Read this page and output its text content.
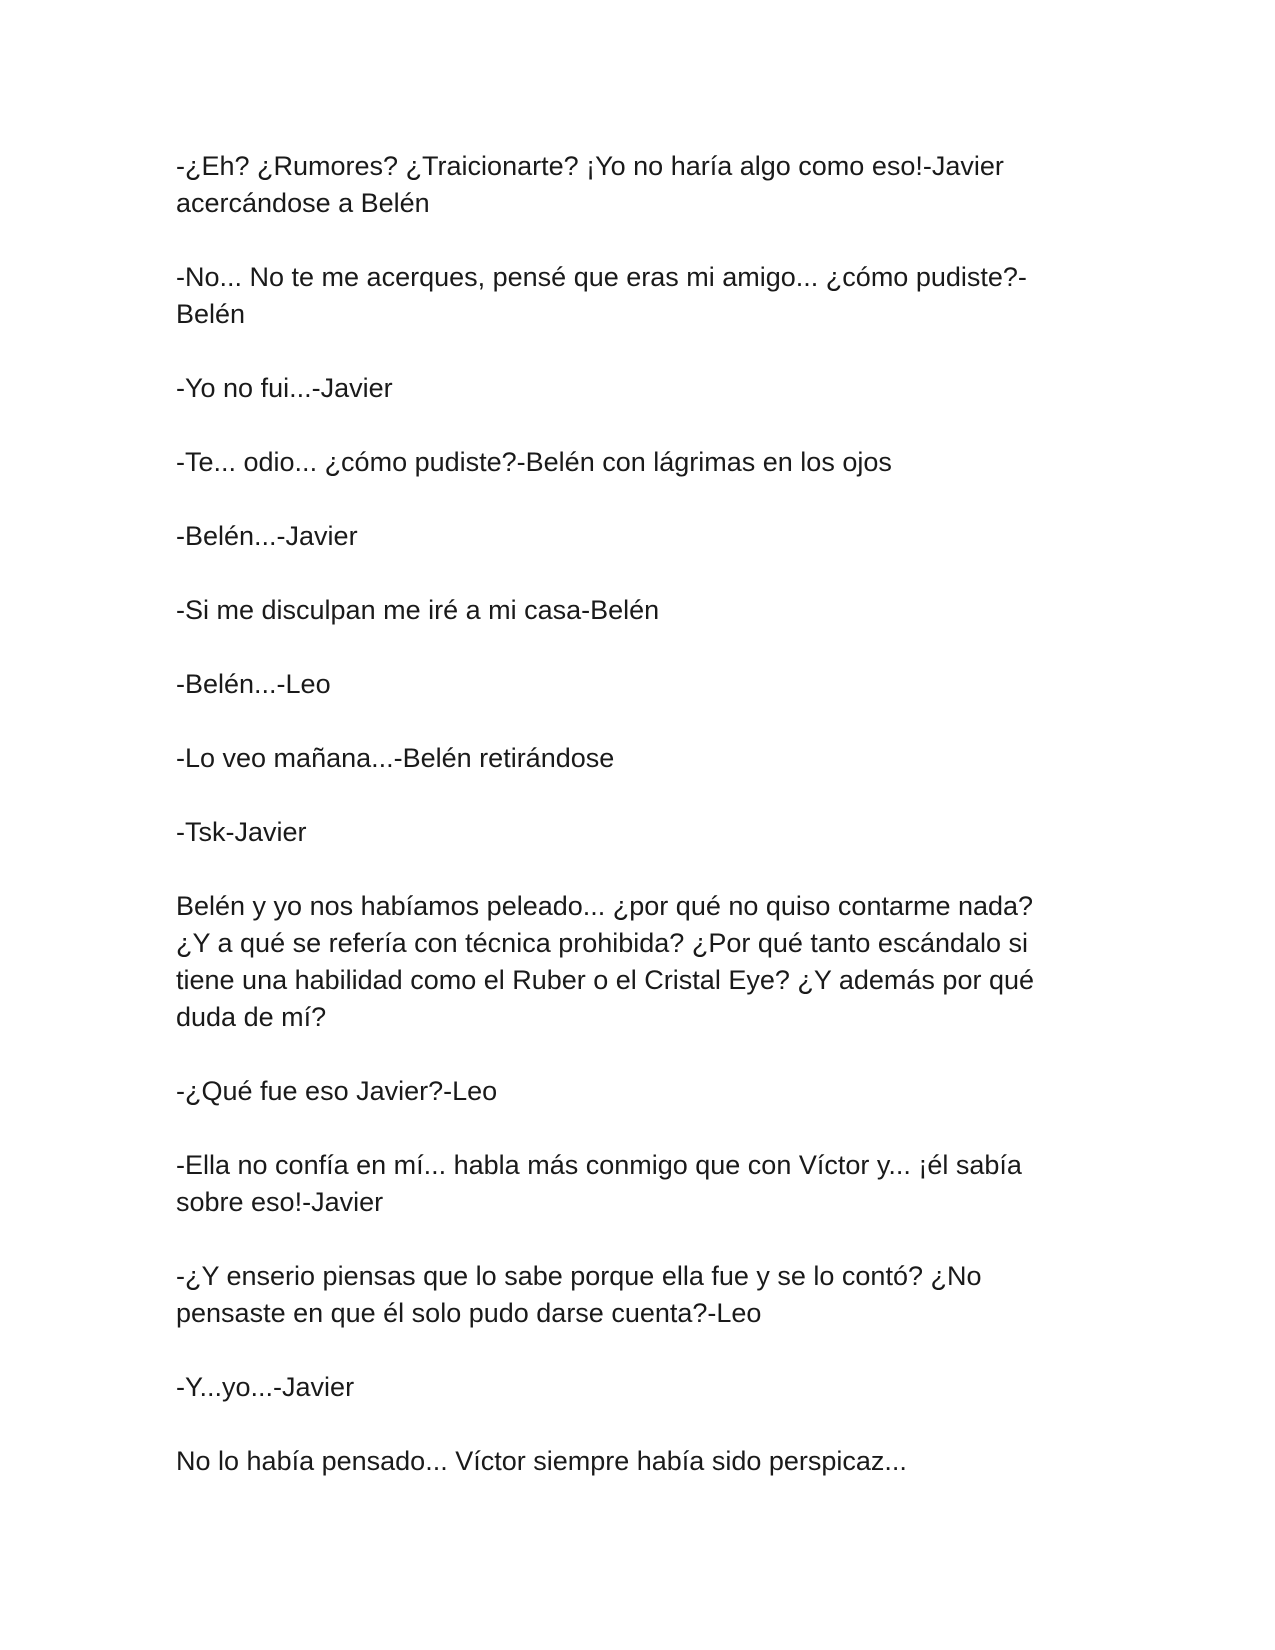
-¿Eh? ¿Rumores? ¿Traicionarte? ¡Yo no haría algo como eso!-Javier
acercándose a Belén

-No... No te me acerques, pensé que eras mi amigo... ¿cómo pudiste?-
Belén

-Yo no fui...-Javier

-Te... odio... ¿cómo pudiste?-Belén con lágrimas en los ojos

-Belén...-Javier

-Si me disculpan me iré a mi casa-Belén

-Belén...-Leo

-Lo veo mañana...-Belén retirándose

-Tsk-Javier

Belén y yo nos habíamos peleado... ¿por qué no quiso contarme nada?
¿Y a qué se refería con técnica prohibida? ¿Por qué tanto escándalo si
tiene una habilidad como el Ruber o el Cristal Eye? ¿Y además por qué
duda de mí?

-¿Qué fue eso Javier?-Leo

-Ella no confía en mí... habla más conmigo que con Víctor y... ¡él sabía
sobre eso!-Javier

-¿Y enserio piensas que lo sabe porque ella fue y se lo contó? ¿No
pensaste en que él solo pudo darse cuenta?-Leo

-Y...yo...-Javier

No lo había pensado... Víctor siempre había sido perspicaz...
